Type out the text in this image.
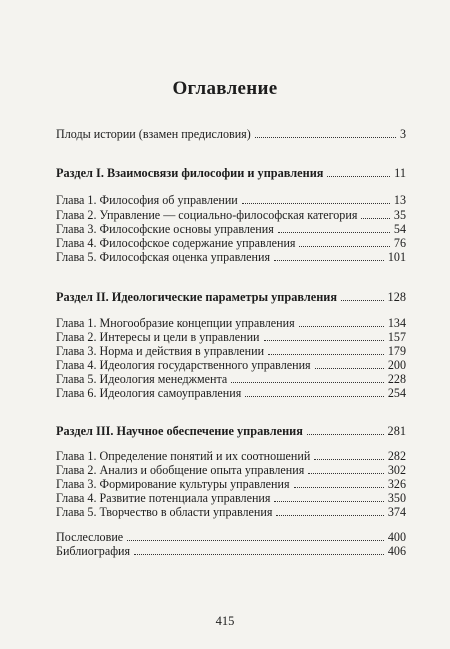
Оглавление
Плоды истории (взамен предисловия)	3
Раздел I. Взаимосвязи философии и управления	11
Глава 1. Философия об управлении	13
Глава 2. Управление — социально-философская категория	35
Глава 3. Философские основы управления	54
Глава 4. Философское содержание управления	76
Глава 5. Философская оценка управления	101
Раздел II. Идеологические параметры управления	128
Глава 1. Многообразие концепции управления	134
Глава 2. Интересы и цели в управлении	157
Глава 3. Норма и действия в управлении	179
Глава 4. Идеология государственного управления	200
Глава 5. Идеология менеджмента	228
Глава 6. Идеология самоуправления	254
Раздел III. Научное обеспечение управления	281
Глава 1. Определение понятий и их соотношений	282
Глава 2. Анализ и обобщение опыта управления	302
Глава 3. Формирование культуры управления	326
Глава 4. Развитие потенциала управления	350
Глава 5. Творчество в области управления	374
Послесловие	400
Библиография	406
415
